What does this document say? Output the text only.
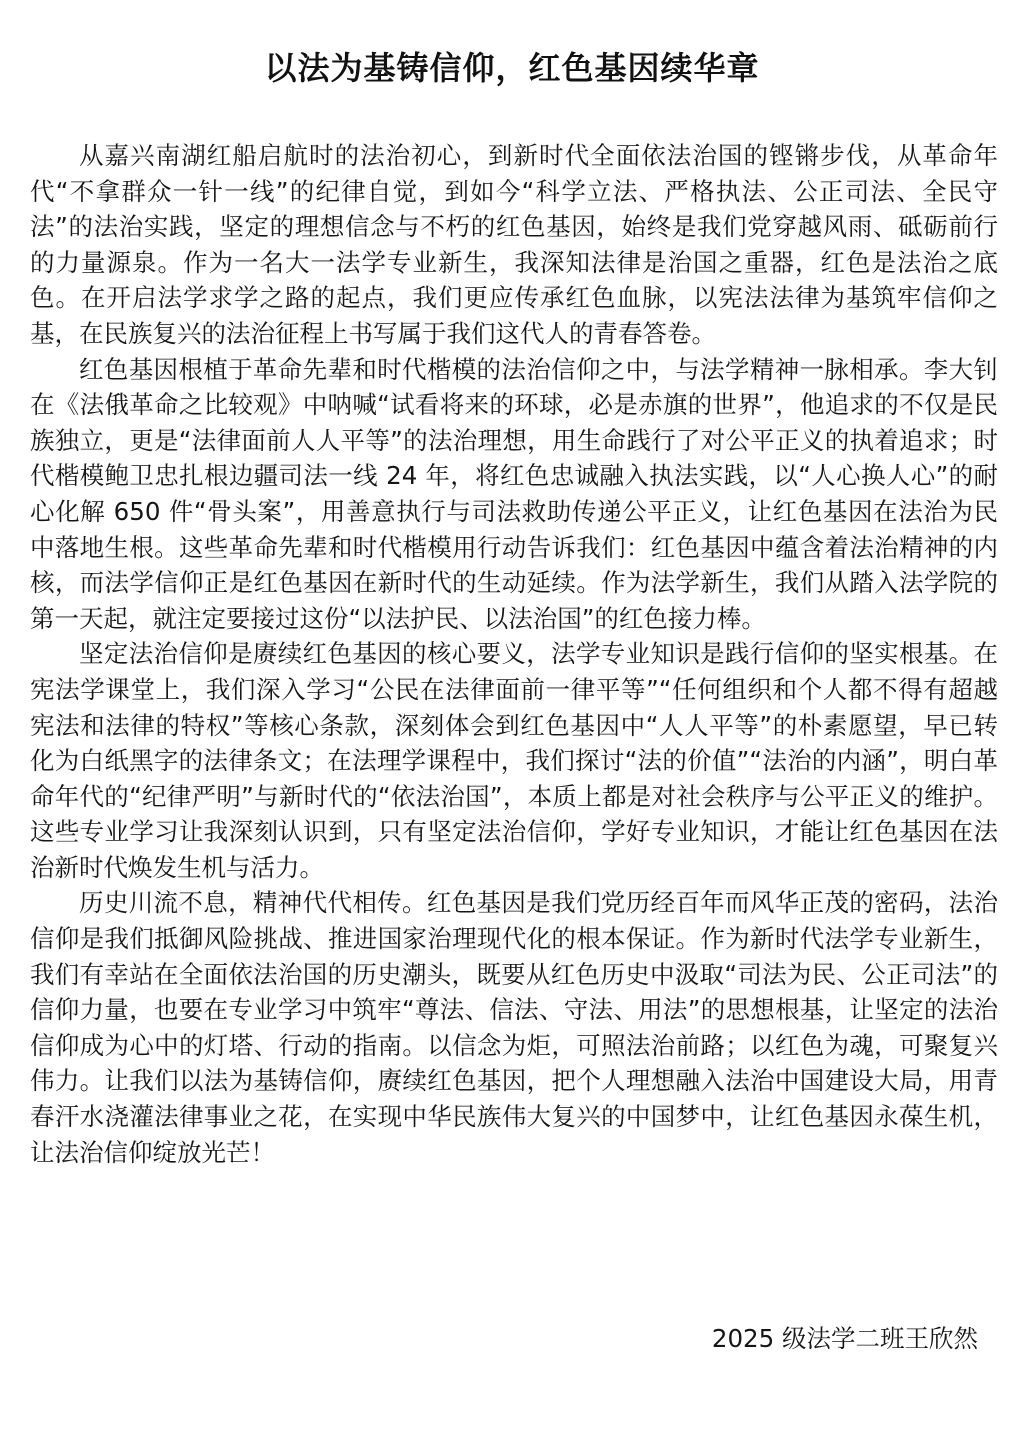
以法为基铸信仰，红色基因续华章

从嘉兴南湖红船启航时的法治初心，到新时代全面依法治国的铿锵步伐，从革命年代“不拿群众一针一线”的纪律自觉，到如今“科学立法、严格执法、公正司法、全民守法”的法治实践，坚定的理想信念与不朽的红色基因，始终是我们党穿越风雨、砥砺前行的力量源泉。作为一名大一法学专业新生，我深知法律是治国之重器，红色是法治之底色。在开启法学求学之路的起点，我们更应传承红色血脉，以宪法法律为基筑牢信仰之基，在民族复兴的法治征程上书写属于我们这代人的青春答卷。

红色基因根植于革命先辈和时代楷模的法治信仰之中，与法学精神一脉相承。李大钊在《法俄革命之比较观》中呐喊“试看将来的环球，必是赤旗的世界”，他追求的不仅是民族独立，更是“法律面前人人平等”的法治理想，用生命践行了对公平正义的执着追求；时代楷模鲍卫忠扎根边疆司法一线 24 年，将红色忠诚融入执法实践，以“人心换人心”的耐心化解 650 件“骨头案”，用善意执行与司法救助传递公平正义，让红色基因在法治为民中落地生根。这些革命先辈和时代楷模用行动告诉我们：红色基因中蕴含着法治精神的内核，而法学信仰正是红色基因在新时代的生动延续。作为法学新生，我们从踏入法学院的第一天起，就注定要接过这份“以法护民、以法治国”的红色接力棒。

坚定法治信仰是赓续红色基因的核心要义，法学专业知识是践行信仰的坚实根基。在宪法学课堂上，我们深入学习“公民在法律面前一律平等”“任何组织和个人都不得有超越宪法和法律的特权”等核心条款，深刻体会到红色基因中“人人平等”的朴素愿望，早已转化为白纸黑字的法律条文；在法理学课程中，我们探讨“法的价值”“法治的内涵”，明白革命年代的“纪律严明”与新时代的“依法治国”，本质上都是对社会秩序与公平正义的维护。这些专业学习让我深刻认识到，只有坚定法治信仰，学好专业知识，才能让红色基因在法治新时代焕发生机与活力。

历史川流不息，精神代代相传。红色基因是我们党历经百年而风华正茂的密码，法治信仰是我们抵御风险挑战、推进国家治理现代化的根本保证。作为新时代法学专业新生，我们有幸站在全面依法治国的历史潮头，既要从红色历史中汲取“司法为民、公正司法”的信仰力量，也要在专业学习中筑牢“尊法、信法、守法、用法”的思想根基，让坚定的法治信仰成为心中的灯塔、行动的指南。以信念为炬，可照法治前路；以红色为魂，可聚复兴伟力。让我们以法为基铸信仰，赓续红色基因，把个人理想融入法治中国建设大局，用青春汗水浇灌法律事业之花，在实现中华民族伟大复兴的中国梦中，让红色基因永葆生机，让法治信仰绽放光芒！

2025 级法学二班王欣然
